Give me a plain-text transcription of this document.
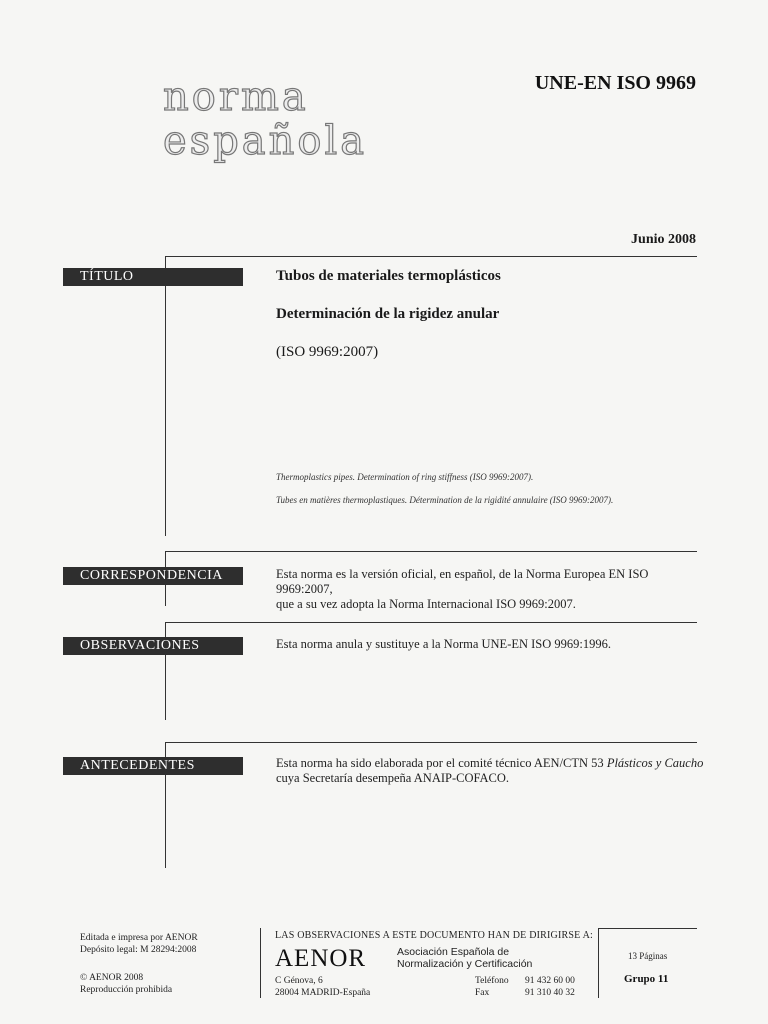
norma
española
UNE-EN ISO 9969
Junio 2008
TÍTULO	Tubos de materiales termoplásticos
Determinación de la rigidez anular
(ISO 9969:2007)
Thermoplastics pipes. Determination of ring stiffness (ISO 9969:2007).
Tubes en matières thermoplastiques. Détermination de la rigidité annulaire (ISO 9969:2007).
CORRESPONDENCIA	Esta norma es la versión oficial, en español, de la Norma Europea EN ISO 9969:2007,
que a su vez adopta la Norma Internacional ISO 9969:2007.
OBSERVACIONES	Esta norma anula y sustituye a la Norma UNE-EN ISO 9969:1996.
ANTECEDENTES	Esta norma ha sido elaborada por el comité técnico AEN/CTN 53 Plásticos y Caucho
cuya Secretaría desempeña ANAIP-COFACO.
Editada e impresa por AENOR
Depósito legal: M 28294:2008
© AENOR 2008
Reproducción prohibida
LAS OBSERVACIONES A ESTE DOCUMENTO HAN DE DIRIGIRSE A:
AENOR	Asociación Española de
Normalización y Certificación
C Génova, 6
28004 MADRID-España
Teléfono	91 432 60 00
Fax	91 310 40 32
13 Páginas
Grupo 11
